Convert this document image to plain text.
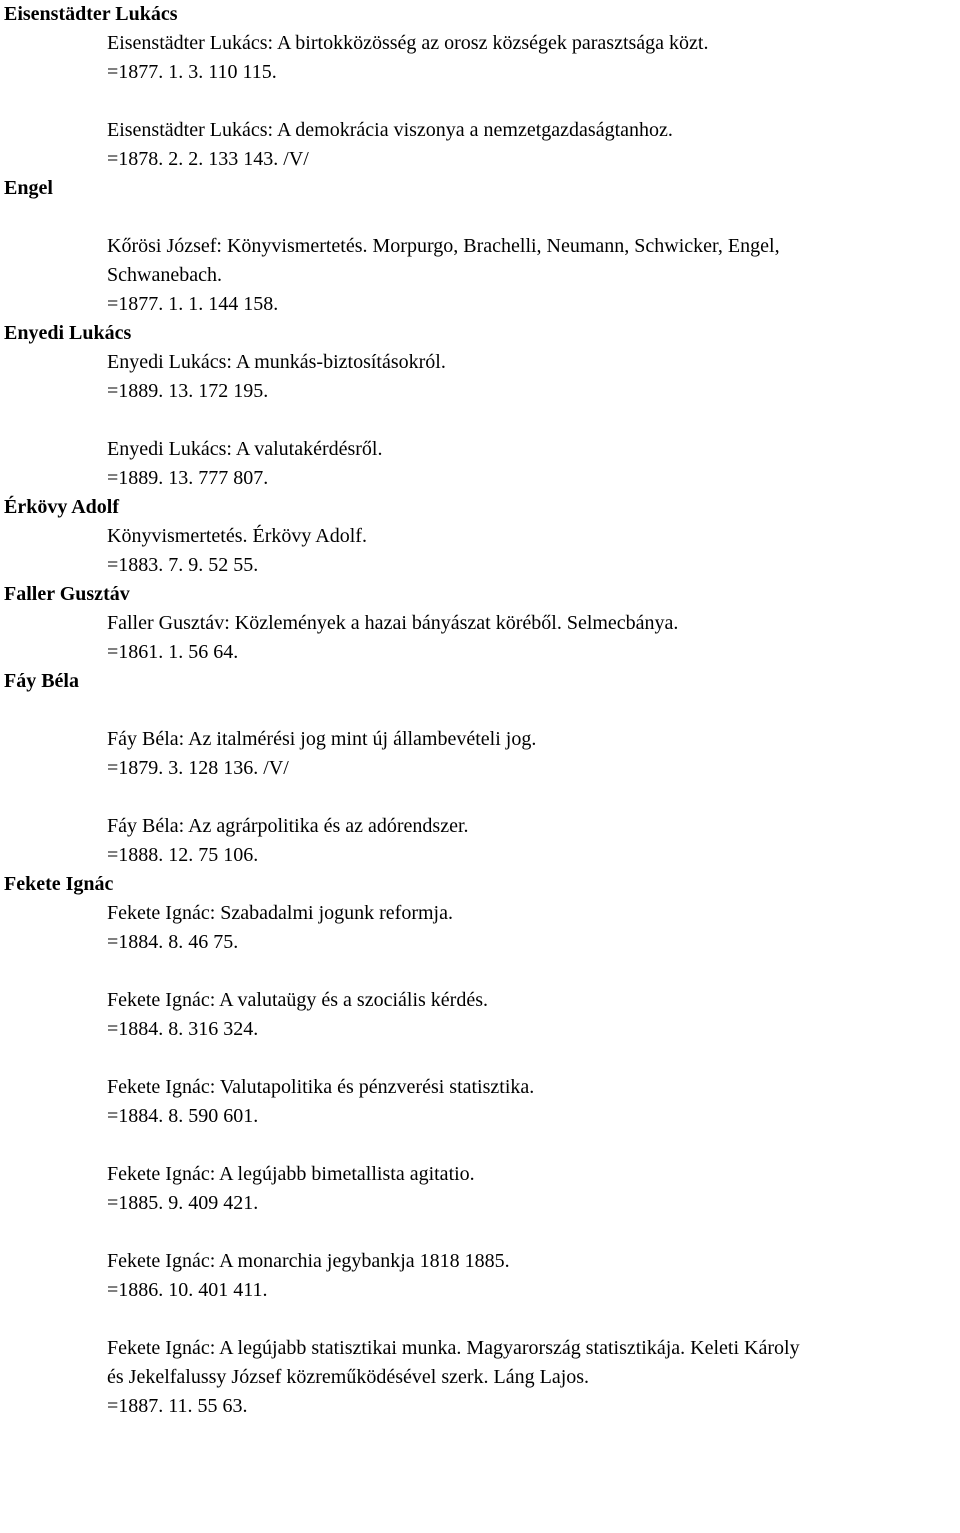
Eisenstädter Lukács
Eisenstädter Lukács: A birtokközösség az orosz községek parasztsága közt.
=1877. 1. 3. 110 115.
Eisenstädter Lukács: A demokrácia viszonya a nemzetgazdaságtanhoz.
=1878. 2. 2. 133 143. /V/
Engel
Kőrösi József: Könyvismertetés. Morpurgo, Brachelli, Neumann, Schwicker, Engel,
Schwanebach.
=1877. 1. 1. 144 158.
Enyedi Lukács
Enyedi Lukács: A munkás-biztosításokról.
=1889. 13. 172 195.
Enyedi Lukács: A valutakérdésről.
=1889. 13. 777 807.
Érkövy Adolf
Könyvismertetés. Érkövy Adolf.
=1883. 7. 9. 52 55.
Faller Gusztáv
Faller Gusztáv: Közlemények a hazai bányászat köréből. Selmecbánya.
=1861. 1. 56 64.
Fáy Béla
Fáy Béla: Az italmérési jog mint új állambevételi jog.
=1879. 3. 128 136. /V/
Fáy Béla: Az agrárpolitika és az adórendszer.
=1888. 12. 75 106.
Fekete Ignác
Fekete Ignác: Szabadalmi jogunk reformja.
=1884. 8. 46 75.
Fekete Ignác: A valutaügy és a szociális kérdés.
=1884. 8. 316 324.
Fekete Ignác: Valutapolitika és pénzverési statisztika.
=1884. 8. 590 601.
Fekete Ignác: A legújabb bimetallista agitatio.
=1885. 9. 409 421.
Fekete Ignác: A monarchia jegybankja 1818 1885.
=1886. 10. 401 411.
Fekete Ignác: A legújabb statisztikai munka. Magyarország statisztikája. Keleti Károly
és Jekelfalussy József közreműködésével szerk. Láng Lajos.
=1887. 11. 55 63.
